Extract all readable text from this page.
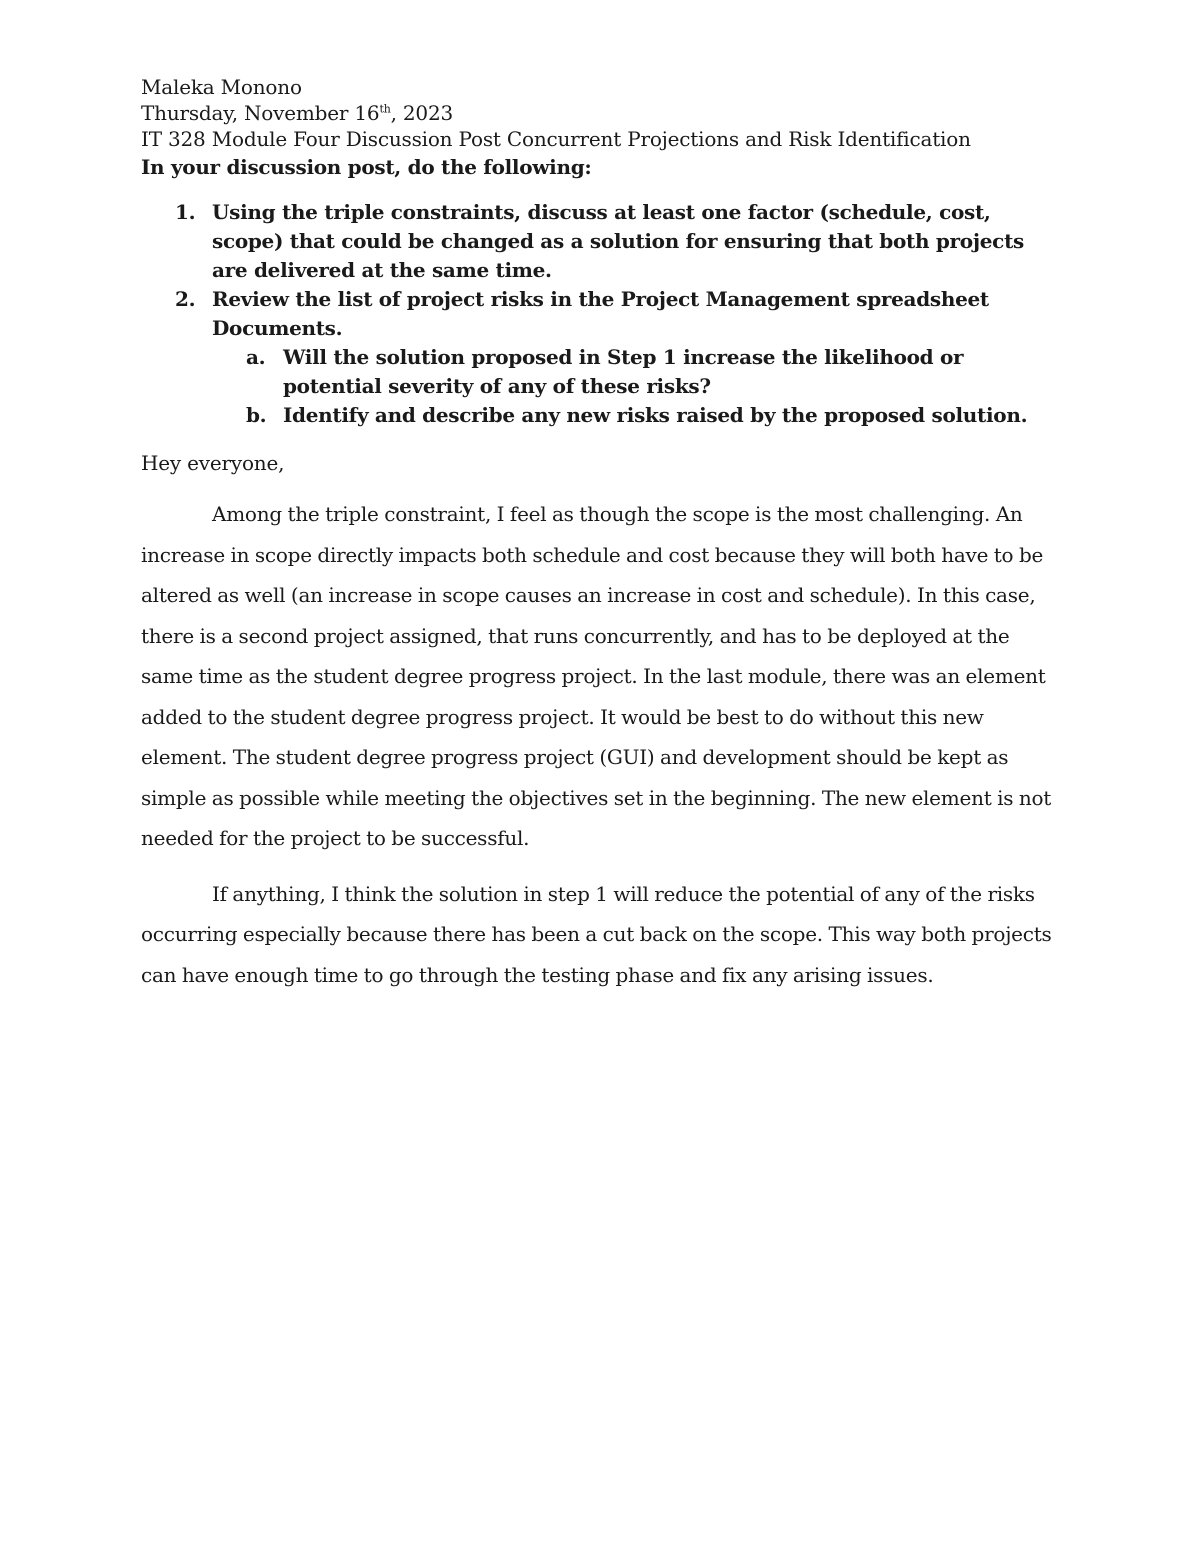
Maleka Monono

Thursday, November 16th, 2023

IT 328 Module Four Discussion Post Concurrent Projections and Risk Identification

In your discussion post, do the following:

1. Using the triple constraints, discuss at least one factor (schedule, cost, scope) that could be changed as a solution for ensuring that both projects are delivered at the same time.
2. Review the list of project risks in the Project Management spreadsheet Documents.
a. Will the solution proposed in Step 1 increase the likelihood or potential severity of any of these risks?
b. Identify and describe any new risks raised by the proposed solution.

Hey everyone,

Among the triple constraint, I feel as though the scope is the most challenging. An increase in scope directly impacts both schedule and cost because they will both have to be altered as well (an increase in scope causes an increase in cost and schedule). In this case, there is a second project assigned, that runs concurrently, and has to be deployed at the same time as the student degree progress project. In the last module, there was an element added to the student degree progress project. It would be best to do without this new element. The student degree progress project (GUI) and development should be kept as simple as possible while meeting the objectives set in the beginning. The new element is not needed for the project to be successful.

If anything, I think the solution in step 1 will reduce the potential of any of the risks occurring especially because there has been a cut back on the scope. This way both projects can have enough time to go through the testing phase and fix any arising issues.
